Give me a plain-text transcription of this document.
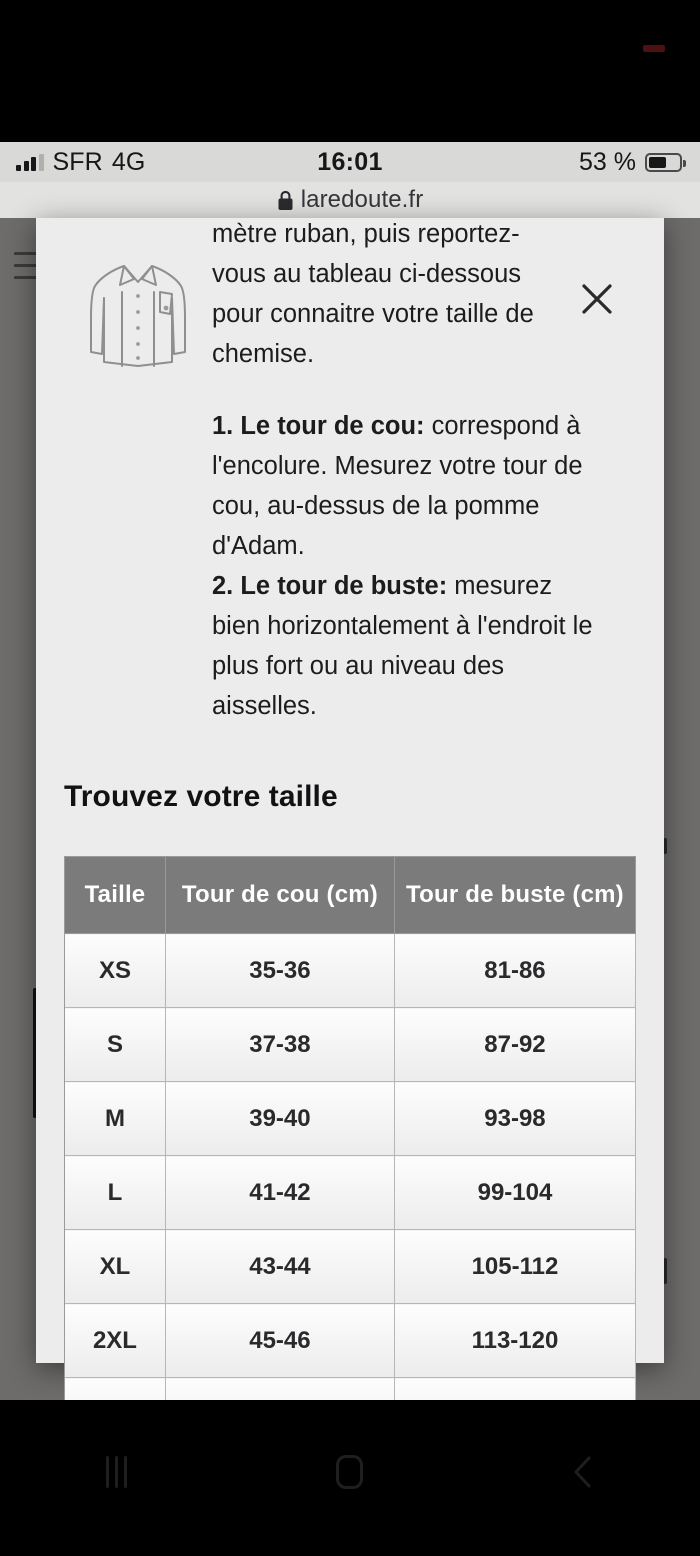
SFR 4G	16:01	53 %
laredoute.fr

mètre ruban, puis reportez-vous au tableau ci-dessous pour connaitre votre taille de chemise.

1. Le tour de cou: correspond à l'encolure. Mesurez votre tour de cou, au-dessus de la pomme d'Adam.

2. Le tour de buste: mesurez bien horizontalement à l'endroit le plus fort ou au niveau des aisselles.

Trouvez votre taille
Taille	Tour de cou (cm)	Tour de buste (cm)
XS	35-36	81-86
S	37-38	87-92
M	39-40	93-98
L	41-42	99-104
XL	43-44	105-112
2XL	45-46	113-120
